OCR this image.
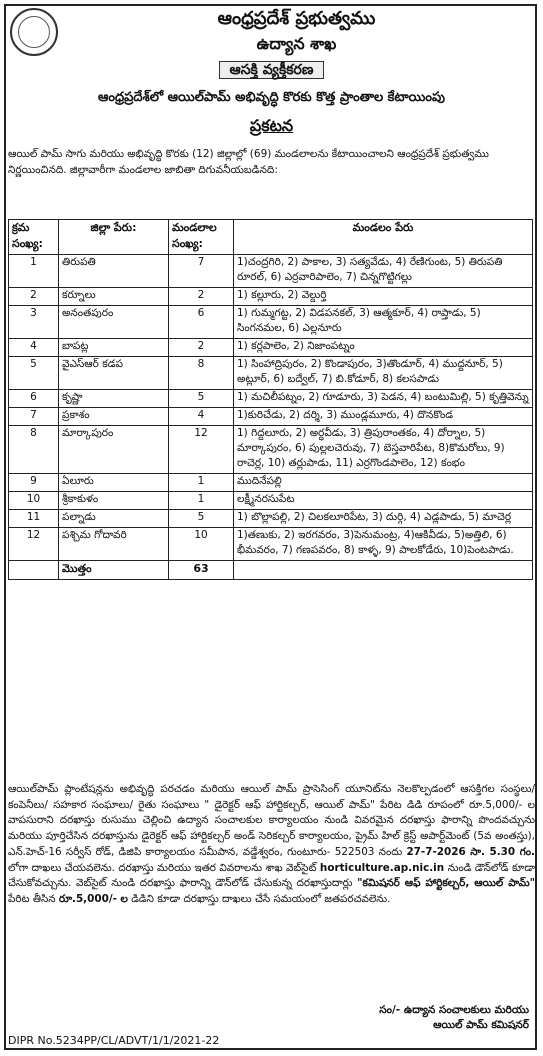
ఆంధ్రప్రదేశ్ ప్రభుత్వము
ఉద్యాన శాఖ
ఆసక్తి వ్యక్తీకరణ
ఆంధ్రప్రదేశ్‌లో ఆయిల్‌పామ్ అభివృద్ధి కొరకు కొత్త ప్రాంతాల కేటాయింపు
ప్రకటన
ఆయిల్ పామ్ సాగు మరియు అభివృద్ధి కొరకు (12) జిల్లాల్లో (69) మండలాలను కేటాయించాలని ఆంధ్రప్రదేశ్ ప్రభుత్వము నిర్ణయించినది. జిల్లావారీగా మండలాల జాబితా దిగువనీయబడినది:
క్రమ సంఖ్య:	జిల్లా పేరు:	మండలాల సంఖ్య:	మండలం పేరు
1	తిరుపతి	7	1)చంద్రగిరి, 2) పాకాల, 3) సత్యవేడు, 4) రేణిగుంట, 5) తిరుపతి రూరల్, 6) ఎర్రవారిపాలెం, 7) చిన్నగొట్టిగల్లు
2	కర్నూలు	2	1) కల్లూరు, 2) వెల్దుర్తి
3	అనంతపురం	6	1) గుమ్మగట్ట, 2) విడపనకల్, 3) ఆత్మకూర్, 4) రాప్తాడు, 5) సింగనమల, 6) ఎల్లనూరు
4	బాపట్ల	2	1) కర్లపాలెం, 2) నిజాంపట్నం
5	వైఎస్ఆర్ కడప	8	1) సింహాద్రిపురం, 2) కొండాపురం, 3)తొండూర్, 4) ముద్దనూర్, 5) అట్లూర్, 6) బద్వేల్, 7) బి.కోడూర్, 8) కలసపాడు
6	కృష్ణా	5	1) మచిలీపట్నం, 2) గూడూరు, 3) పెడన, 4) బంటుమిల్లి, 5) కృత్తివెన్ను
7	ప్రకాశం	4	1)కురిచేడు, 2) దర్శి, 3) ముండ్లమూరు, 4) దొనకొండ
8	మార్కాపురం	12	1) గిద్దలూరు, 2) అర్ధవీడు, 3) త్రిపురాంతకం, 4) దోర్నాల, 5) మార్కాపురం, 6) పుల్లలచెరువు, 7) బెస్తవారిపేట, 8)కొమరోలు, 9) రాచెర్ల, 10) తర్లుపాడు, 11) ఎర్రగొండపాలెం, 12) కంభం
9	ఏలూరు	1	ముదినేపల్లి
10	శ్రీకాకుళం	1	లక్ష్మీనరసుపేట
11	పల్నాడు	5	1) బొల్లాపల్లి, 2) చిలకలూరిపేట, 3) దుర్గి, 4) ఎడ్లపాడు, 5) మాచెర్ల
12	పశ్చిమ గోదావరి	10	1)తణుకు, 2) ఇరగవరం, 3)పెనుమంట్ర, 4)ఆకివీడు, 5)అత్తిలి, 6) భీమవరం, 7) గణపవరం, 8) కాళ్ళ, 9) పాలకోడేరు, 10)పెంటపాడు.
	మొత్తం	63	
ఆయిల్‌పామ్ ప్లాంటేషన్లను అభివృద్ధి పరచడం మరియు ఆయిల్ పామ్ ప్రాసెసింగ్ యూనిట్‌ను నెలకొల్పడంలో ఆసక్తిగల సంస్థలు/ కంపెనీలు/ సహకార సంఘాలు/ రైతు సంఘాలు " డైరెక్టర్ ఆఫ్ హార్టికల్చర్, ఆయిల్ పామ్" పేరిట డిడి రూపంలో రూ.5,000/- ల వాపసురాని దరఖాస్తు రుసుము చెల్లించి ఉద్యాన సంచాలకుల కార్యాలయం నుండి వివరమైన దరఖాస్తు ఫారాన్ని పొందవచ్చును మరియు పూర్తిచేసిన దరఖాస్తును డైరెక్టర్ ఆఫ్ హార్టికల్చర్ అండ్ సెరికల్చర్ కార్యాలయం, ప్రైమ్ హిల్ క్రెస్ట్ అపార్ట్‌మెంట్ (5వ అంతస్తు), ఎన్.హెచ్-16 సర్వీస్ రోడ్, డిజిపి కార్యాలయం సమీపాన, వడ్డేశ్వరం, గుంటూరు- 522503 నందు 27-7-2026 సా. 5.30 గం. లోగా దాఖలు చేయవలెను. దరఖాస్తు మరియు ఇతర వివరాలను శాఖ వెబ్‌సైట్ horticulture.ap.nic.in నుండి డౌన్‌లోడ్ కూడా చేసుకోవచ్చును. వెబ్‌సైట్ నుండి దరఖాస్తు ఫారాన్ని డౌన్‌లోడ్ చేసుకున్న దరఖాస్తుదార్లు "కమిషనర్ ఆఫ్ హార్టికల్చర్, ఆయిల్ పామ్" పేరిట తీసిన రూ.5,000/- ల డిడిని కూడా దరఖాస్తు దాఖలు చేసే సమయంలో జతపరచవలెను.
సం/- ఉద్యాన సంచాలకులు మరియు
ఆయిల్ పామ్ కమిషనర్
DIPR No.5234PP/CL/ADVT/1/1/2021-22
